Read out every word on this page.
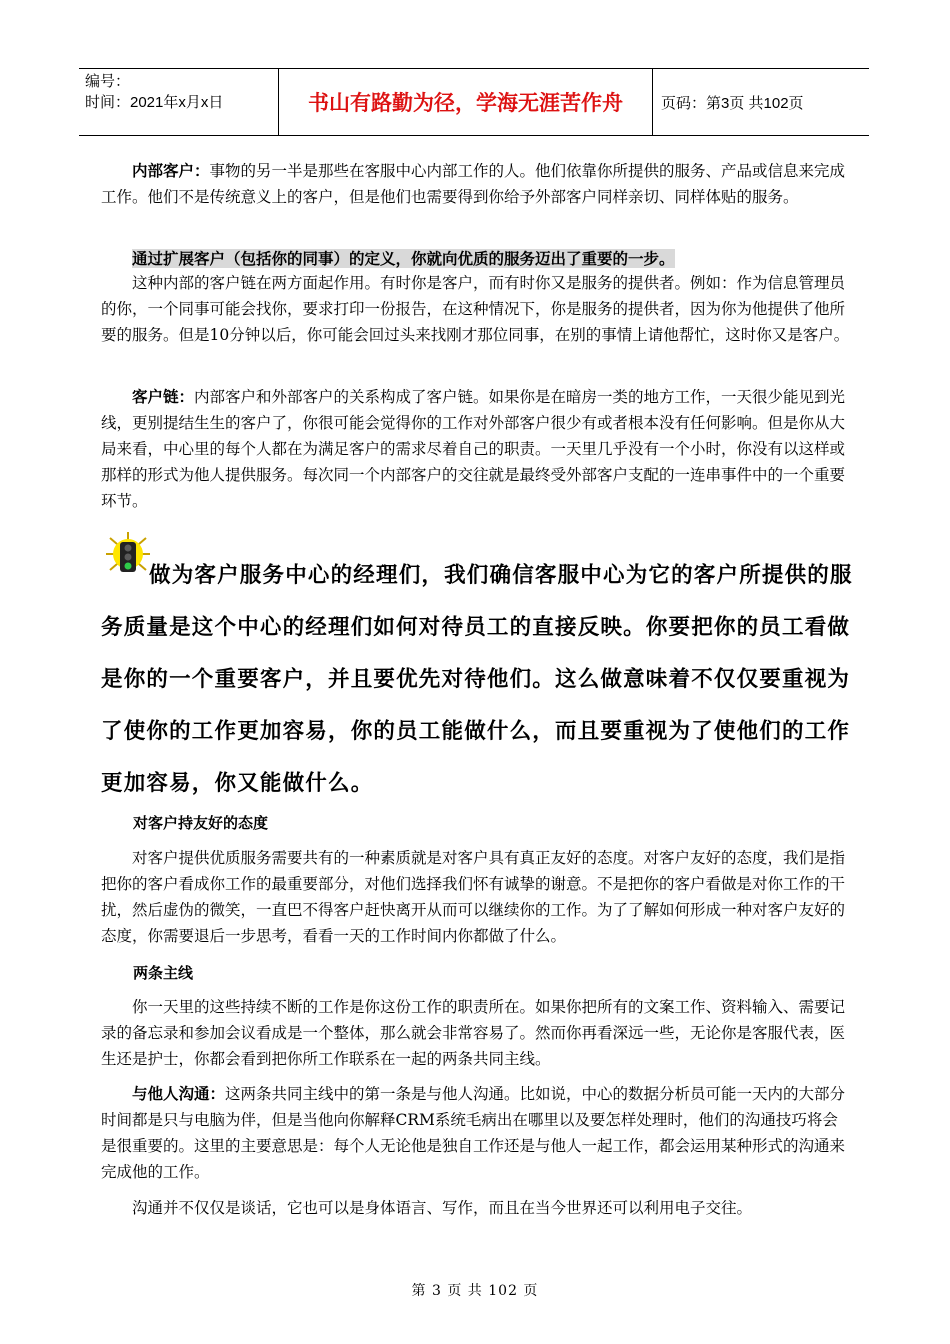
编号：
时间：2021年x月x日	书山有路勤为径，学海无涯苦作舟	页码：第3页 共102页

内部客户：事物的另一半是那些在客服中心内部工作的人。他们依靠你所提供的服务、产品或信息来完成工作。他们不是传统意义上的客户，但是他们也需要得到你给予外部客户同样亲切、同样体贴的服务。

通过扩展客户（包括你的同事）的定义，你就向优质的服务迈出了重要的一步。

这种内部的客户链在两方面起作用。有时你是客户，而有时你又是服务的提供者。例如：作为信息管理员的你，一个同事可能会找你，要求打印一份报告，在这种情况下，你是服务的提供者，因为你为他提供了他所要的服务。但是10分钟以后，你可能会回过头来找刚才那位同事，在别的事情上请他帮忙，这时你又是客户。

客户链：内部客户和外部客户的关系构成了客户链。如果你是在暗房一类的地方工作，一天很少能见到光线，更别提结生生的客户了，你很可能会觉得你的工作对外部客户很少有或者根本没有任何影响。但是你从大局来看，中心里的每个人都在为满足客户的需求尽着自己的职责。一天里几乎没有一个小时，你没有以这样或那样的形式为他人提供服务。每次同一个内部客户的交往就是最终受外部客户支配的一连串事件中的一个重要环节。

做为客户服务中心的经理们，我们确信客服中心为它的客户所提供的服务质量是这个中心的经理们如何对待员工的直接反映。你要把你的员工看做是你的一个重要客户，并且要优先对待他们。这么做意味着不仅仅要重视为了使你的工作更加容易，你的员工能做什么，而且要重视为了使他们的工作更加容易，你又能做什么。
对客户持友好的态度

对客户提供优质服务需要共有的一种素质就是对客户具有真正友好的态度。对客户友好的态度，我们是指把你的客户看成你工作的最重要部分，对他们选择我们怀有诚挚的谢意。不是把你的客户看做是对你工作的干扰，然后虚伪的微笑，一直巴不得客户赶快离开从而可以继续你的工作。为了了解如何形成一种对客户友好的态度，你需要退后一步思考，看看一天的工作时间内你都做了什么。

两条主线

你一天里的这些持续不断的工作是你这份工作的职责所在。如果你把所有的文案工作、资料输入、需要记录的备忘录和参加会议看成是一个整体，那么就会非常容易了。然而你再看深远一些，无论你是客服代表，医生还是护士，你都会看到把你所工作联系在一起的两条共同主线。

与他人沟通：这两条共同主线中的第一条是与他人沟通。比如说，中心的数据分析员可能一天内的大部分时间都是只与电脑为伴，但是当他向你解释CRM系统毛病出在哪里以及要怎样处理时，他们的沟通技巧将会是很重要的。这里的主要意思是：每个人无论他是独自工作还是与他人一起工作，都会运用某种形式的沟通来完成他的工作。

沟通并不仅仅是谈话，它也可以是身体语言、写作，而且在当今世界还可以利用电子交往。

第 3 页 共 102 页
